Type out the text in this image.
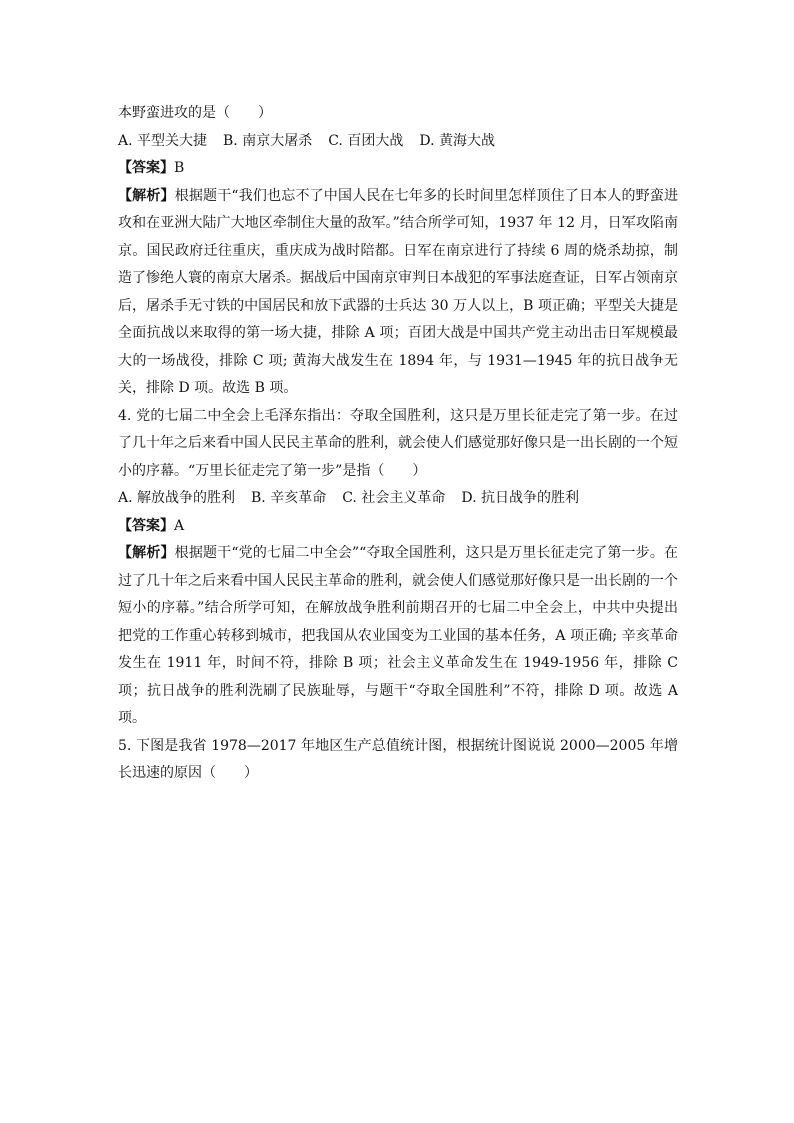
本野蛮进攻的是（　　）

A. 平型关大捷 B. 南京大屠杀 C. 百团大战 D. 黄海大战

【答案】B

【解析】根据题干“我们也忘不了中国人民在七年多的长时间里怎样顶住了日本人的野蛮进攻和在亚洲大陆广大地区牵制住大量的敌军。”结合所学可知，1937 年 12 月，日军攻陷南京。国民政府迁往重庆，重庆成为战时陪都。日军在南京进行了持续 6 周的烧杀劫掠，制造了惨绝人寰的南京大屠杀。据战后中国南京审判日本战犯的军事法庭查证，日军占领南京后，屠杀手无寸铁的中国居民和放下武器的士兵达 30 万人以上，B 项正确；平型关大捷是全面抗战以来取得的第一场大捷，排除 A 项；百团大战是中国共产党主动出击日军规模最大的一场战役，排除 C 项; 黄海大战发生在 1894 年，与 1931—1945 年的抗日战争无关，排除 D 项。故选 B 项。

4. 党的七届二中全会上毛泽东指出：夺取全国胜利，这只是万里长征走完了第一步。在过了几十年之后来看中国人民民主革命的胜利，就会使人们感觉那好像只是一出长剧的一个短小的序幕。“万里长征走完了第一步”是指（　　）

A. 解放战争的胜利 B. 辛亥革命 C. 社会主义革命 D. 抗日战争的胜利

【答案】A

【解析】根据题干“党的七届二中全会”“夺取全国胜利，这只是万里长征走完了第一步。在过了几十年之后来看中国人民民主革命的胜利，就会使人们感觉那好像只是一出长剧的一个短小的序幕。”结合所学可知，在解放战争胜利前期召开的七届二中全会上，中共中央提出把党的工作重心转移到城市，把我国从农业国变为工业国的基本任务，A 项正确; 辛亥革命发生在 1911 年，时间不符，排除 B 项；社会主义革命发生在 1949-1956 年，排除 C 项；抗日战争的胜利洗刷了民族耻辱，与题干“夺取全国胜利”不符，排除 D 项。故选 A 项。

5. 下图是我省 1978—2017 年地区生产总值统计图，根据统计图说说 2000—2005 年增长迅速的原因（　　）
